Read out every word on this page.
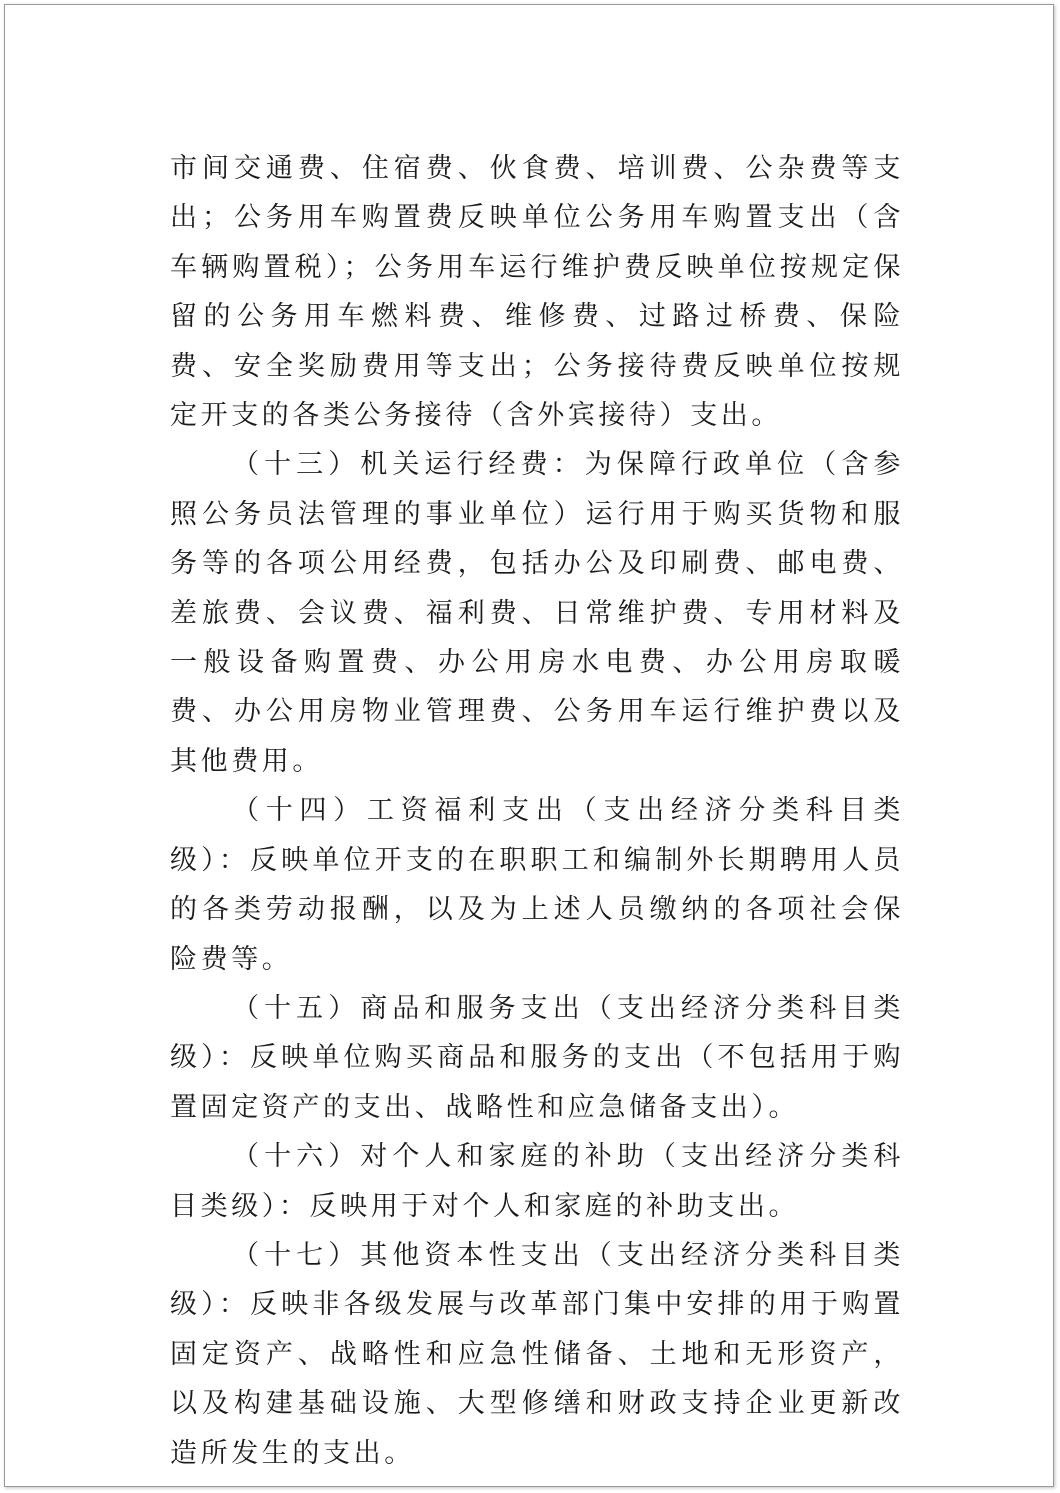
市间交通费、住宿费、伙食费、培训费、公杂费等支出；公务用车购置费反映单位公务用车购置支出（含车辆购置税）；公务用车运行维护费反映单位按规定保留的公务用车燃料费、维修费、过路过桥费、保险费、安全奖励费用等支出；公务接待费反映单位按规定开支的各类公务接待（含外宾接待）支出。

（十三）机关运行经费：为保障行政单位（含参照公务员法管理的事业单位）运行用于购买货物和服务等的各项公用经费，包括办公及印刷费、邮电费、差旅费、会议费、福利费、日常维护费、专用材料及一般设备购置费、办公用房水电费、办公用房取暖费、办公用房物业管理费、公务用车运行维护费以及其他费用。

（十四）工资福利支出（支出经济分类科目类级）：反映单位开支的在职职工和编制外长期聘用人员的各类劳动报酬，以及为上述人员缴纳的各项社会保险费等。

（十五）商品和服务支出（支出经济分类科目类级）：反映单位购买商品和服务的支出（不包括用于购置固定资产的支出、战略性和应急储备支出）。

（十六）对个人和家庭的补助（支出经济分类科目类级）：反映用于对个人和家庭的补助支出。

（十七）其他资本性支出（支出经济分类科目类级）：反映非各级发展与改革部门集中安排的用于购置固定资产、战略性和应急性储备、土地和无形资产，以及构建基础设施、大型修缮和财政支持企业更新改造所发生的支出。
